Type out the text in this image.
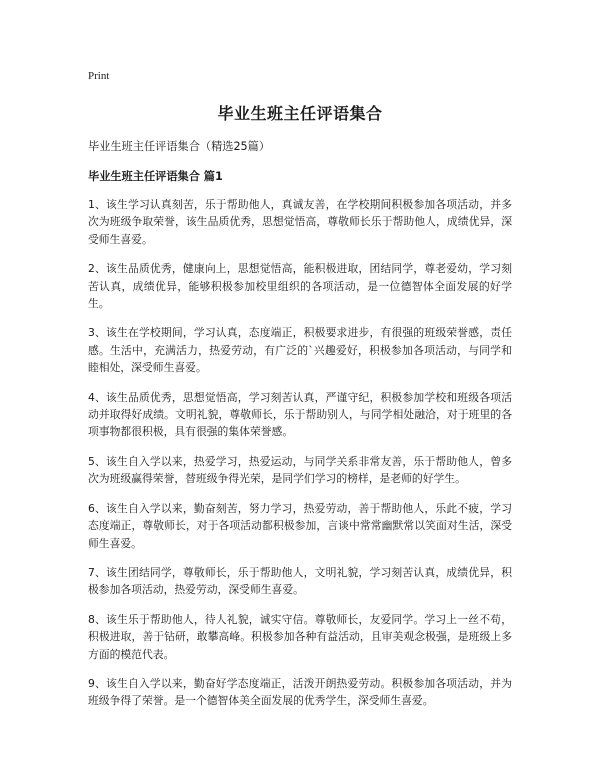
Print
毕业生班主任评语集合
毕业生班主任评语集合（精选25篇）
毕业生班主任评语集合 篇1

1、该生学习认真刻苦，乐于帮助他人，真诚友善，在学校期间积极参加各项活动，并多次为班级争取荣誉，该生品质优秀，思想觉悟高，尊敬师长乐于帮助他人，成绩优异，深受师生喜爱。

2、该生品质优秀，健康向上，思想觉悟高，能积极进取，团结同学，尊老爱幼，学习刻苦认真，成绩优异，能够积极参加校里组织的各项活动，是一位德智体全面发展的好学生。

3、该生在学校期间，学习认真，态度端正，积极要求进步，有很强的班级荣誉感，责任感。生活中，充满活力，热爱劳动，有广泛的`兴趣爱好，积极参加各项活动，与同学和睦相处，深受师生喜爱。

4、该生品质优秀，思想觉悟高，学习刻苦认真，严谨守纪，积极参加学校和班级各项活动并取得好成绩。文明礼貌，尊敬师长，乐于帮助别人，与同学相处融洽，对于班里的各项事物都很积极，具有很强的集体荣誉感。

5、该生自入学以来，热爱学习，热爱运动，与同学关系非常友善，乐于帮助他人，曾多次为班级赢得荣誉，替班级争得光荣，是同学们学习的榜样，是老师的好学生。

6、该生自入学以来，勤奋刻苦，努力学习，热爱劳动，善于帮助他人，乐此不疲，学习态度端正，尊敬师长，对于各项活动都积极参加，言谈中常常幽默常以笑面对生活，深受师生喜爱。

7、该生团结同学，尊敬师长，乐于帮助他人，文明礼貌，学习刻苦认真，成绩优异，积极参加各项活动，热爱劳动，深受师生喜爱。

8、该生乐于帮助他人，待人礼貌，诚实守信。尊敬师长，友爱同学。学习上一丝不苟，积极进取，善于钻研，敢攀高峰。积极参加各种有益活动，且审美观念极强，是班级上多方面的模范代表。

9、该生自入学以来，勤奋好学态度端正，活泼开朗热爱劳动。积极参加各项活动，并为班级争得了荣誉。是一个德智体美全面发展的优秀学生，深受师生喜爱。
